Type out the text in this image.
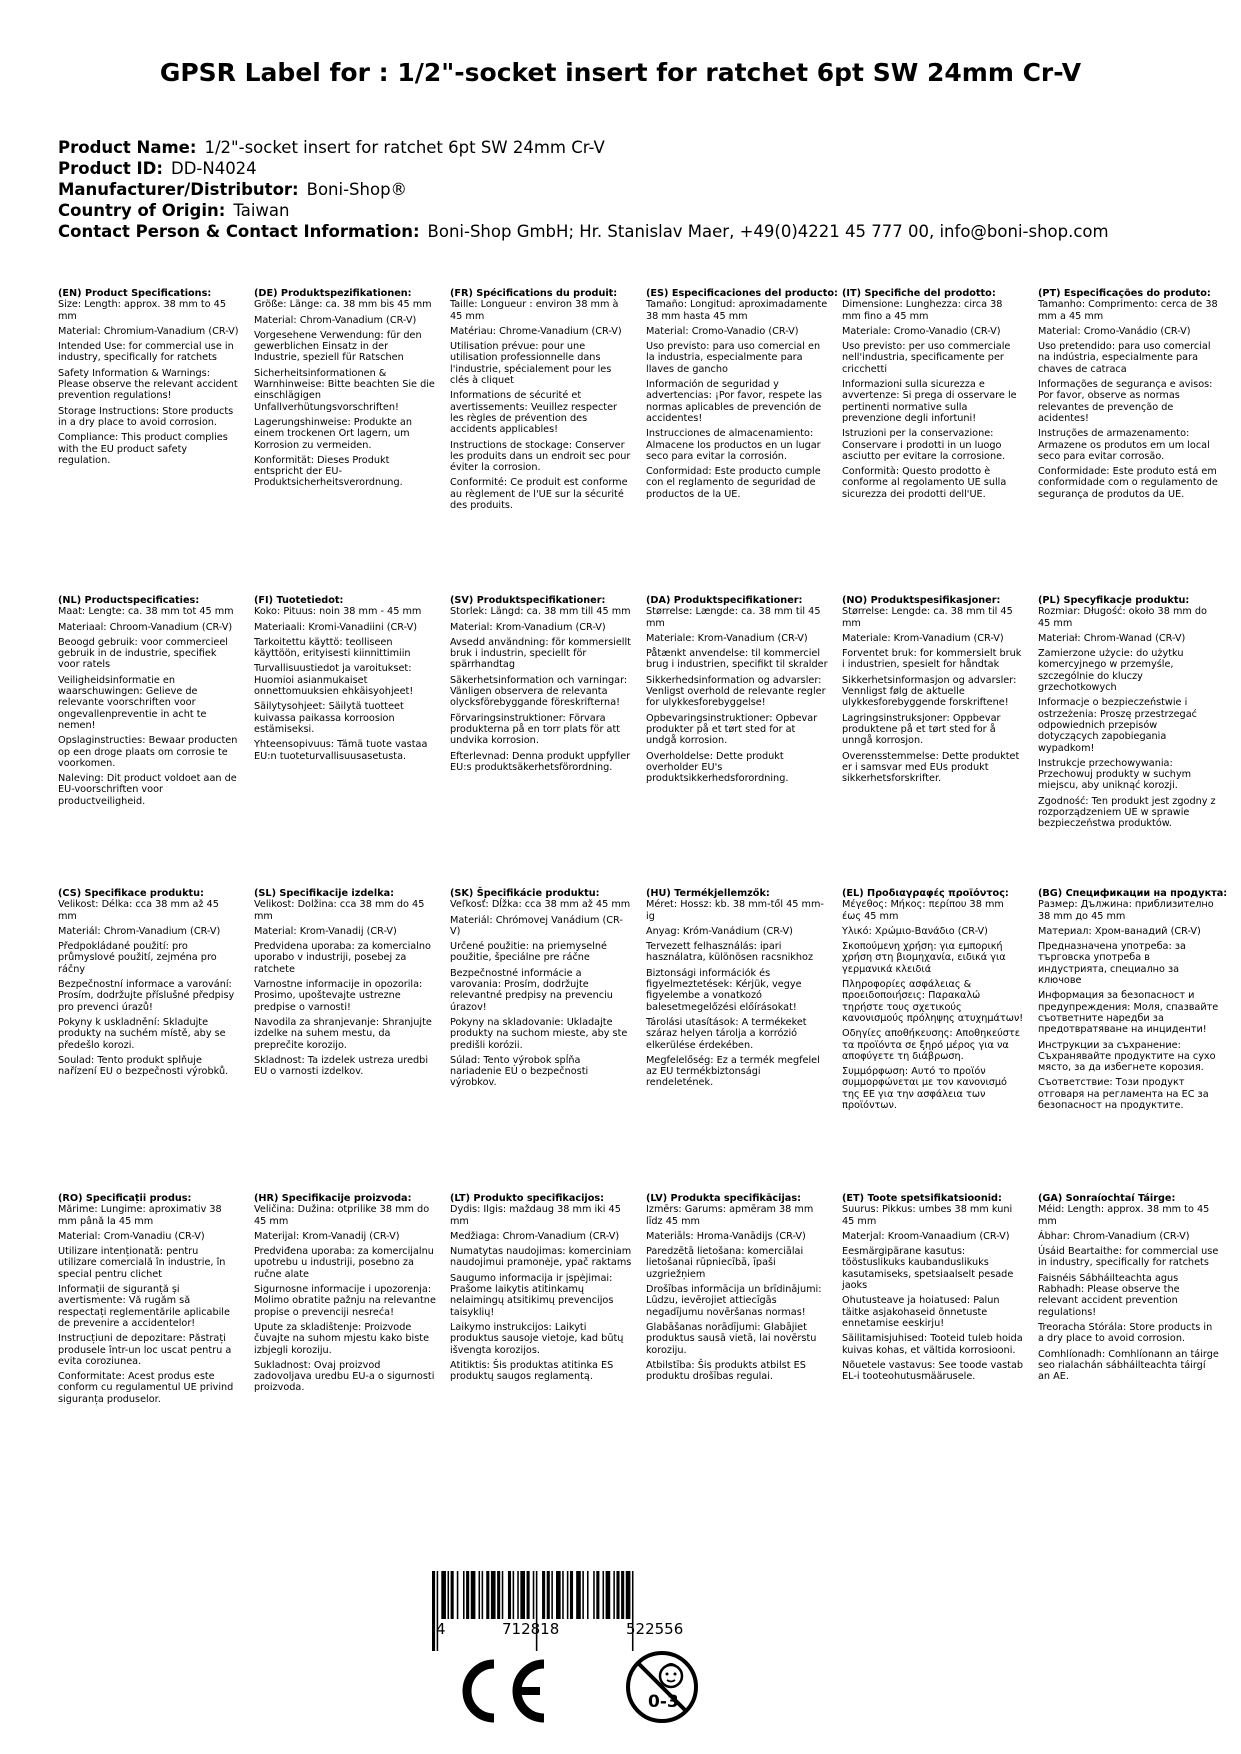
GPSR Label for : 1/2"-socket insert for ratchet 6pt SW 24mm Cr-V
Product Name: 1/2"-socket insert for ratchet 6pt SW 24mm Cr-V
Product ID: DD-N4024
Manufacturer/Distributor: Boni-Shop®
Country of Origin: Taiwan
Contact Person & Contact Information: Boni-Shop GmbH; Hr. Stanislav Maer, +49(0)4221 45 777 00, info@boni-shop.com
(EN) Product Specifications:
Size: Length: approx. 38 mm to 45 mm
Material: Chromium-Vanadium (CR-V)
Intended Use: for commercial use in industry, specifically for ratchets
Safety Information & Warnings: Please observe the relevant accident prevention regulations!
Storage Instructions: Store products in a dry place to avoid corrosion.
Compliance: This product complies with the EU product safety regulation.
(DE) Produktspezifikationen:
Größe: Länge: ca. 38 mm bis 45 mm
Material: Chrom-Vanadium (CR-V)
Vorgesehene Verwendung: für den gewerblichen Einsatz in der Industrie, speziell für Ratschen
Sicherheitsinformationen & Warnhinweise: Bitte beachten Sie die einschlägigen Unfallverhütungsvorschriften!
Lagerungshinweise: Produkte an einem trockenen Ort lagern, um Korrosion zu vermeiden.
Konformität: Dieses Produkt entspricht der EU-Produktsicherheitsverordnung.
(FR) Spécifications du produit:
Taille: Longueur : environ 38 mm à 45 mm
Matériau: Chrome-Vanadium (CR-V)
Utilisation prévue: pour une utilisation professionnelle dans l'industrie, spécialement pour les clés à cliquet
Informations de sécurité et avertissements: Veuillez respecter les règles de prévention des accidents applicables!
Instructions de stockage: Conserver les produits dans un endroit sec pour éviter la corrosion.
Conformité: Ce produit est conforme au règlement de l'UE sur la sécurité des produits.
(ES) Especificaciones del producto:
Tamaño: Longitud: aproximadamente 38 mm hasta 45 mm
Material: Cromo-Vanadio (CR-V)
Uso previsto: para uso comercial en la industria, especialmente para llaves de gancho
Información de seguridad y advertencias: ¡Por favor, respete las normas aplicables de prevención de accidentes!
Instrucciones de almacenamiento: Almacene los productos en un lugar seco para evitar la corrosión.
Conformidad: Este producto cumple con el reglamento de seguridad de productos de la UE.
(IT) Specifiche del prodotto:
Dimensione: Lunghezza: circa 38 mm fino a 45 mm
Materiale: Cromo-Vanadio (CR-V)
Uso previsto: per uso commerciale nell'industria, specificamente per cricchetti
Informazioni sulla sicurezza e avvertenze: Si prega di osservare le pertinenti normative sulla prevenzione degli infortuni!
Istruzioni per la conservazione: Conservare i prodotti in un luogo asciutto per evitare la corrosione.
Conformità: Questo prodotto è conforme al regolamento UE sulla sicurezza dei prodotti dell'UE.
(PT) Especificações do produto:
Tamanho: Comprimento: cerca de 38 mm a 45 mm
Material: Cromo-Vanádio (CR-V)
Uso pretendido: para uso comercial na indústria, especialmente para chaves de catraca
Informações de segurança e avisos: Por favor, observe as normas relevantes de prevenção de acidentes!
Instruções de armazenamento: Armazene os produtos em um local seco para evitar corrosão.
Conformidade: Este produto está em conformidade com o regulamento de segurança de produtos da UE.
(NL) Productspecificaties:
Maat: Lengte: ca. 38 mm tot 45 mm
Materiaal: Chroom-Vanadium (CR-V)
Beoogd gebruik: voor commercieel gebruik in de industrie, specifiek voor ratels
Veiligheidsinformatie en waarschuwingen: Gelieve de relevante voorschriften voor ongevallenpreventie in acht te nemen!
Opslaginstructies: Bewaar producten op een droge plaats om corrosie te voorkomen.
Naleving: Dit product voldoet aan de EU-voorschriften voor productveiligheid.
(FI) Tuotetiedot:
Koko: Pituus: noin 38 mm - 45 mm
Materiaali: Kromi-Vanadiini (CR-V)
Tarkoitettu käyttö: teolliseen käyttöön, erityisesti kiinnittimiin
Turvallisuustiedot ja varoitukset: Huomioi asianmukaiset onnettomuuksien ehkäisyohjeet!
Säilytysohjeet: Säilytä tuotteet kuivassa paikassa korroosion estämiseksi.
Yhteensopivuus: Tämä tuote vastaa EU:n tuoteturvallisuusasetusta.
(SV) Produktspecifikationer:
Storlek: Längd: ca. 38 mm till 45 mm
Material: Krom-Vanadium (CR-V)
Avsedd användning: för kommersiellt bruk i industrin, speciellt för spärrhandtag
Säkerhetsinformation och varningar: Vänligen observera de relevanta olycksförebyggande föreskrifterna!
Förvaringsinstruktioner: Förvara produkterna på en torr plats för att undvika korrosion.
Efterlevnad: Denna produkt uppfyller EU:s produktsäkerhetsförordning.
(DA) Produktspecifikationer:
Størrelse: Længde: ca. 38 mm til 45 mm
Materiale: Krom-Vanadium (CR-V)
Påtænkt anvendelse: til kommerciel brug i industrien, specifikt til skralder
Sikkerhedsinformation og advarsler: Venligst overhold de relevante regler for ulykkesforebyggelse!
Opbevaringsinstruktioner: Opbevar produkter på et tørt sted for at undgå korrosion.
Overholdelse: Dette produkt overholder EU's produktsikkerhedsforordning.
(NO) Produktspesifikasjoner:
Størrelse: Lengde: ca. 38 mm til 45 mm
Materiale: Krom-Vanadium (CR-V)
Forventet bruk: for kommersielt bruk i industrien, spesielt for håndtak
Sikkerhetsinformasjon og advarsler: Vennligst følg de aktuelle ulykkesforebyggende forskriftene!
Lagringsinstruksjoner: Oppbevar produktene på et tørt sted for å unngå korrosjon.
Overensstemmelse: Dette produktet er i samsvar med EUs produkt sikkerhetsforskrifter.
(PL) Specyfikacje produktu:
Rozmiar: Długość: około 38 mm do 45 mm
Materiał: Chrom-Wanad (CR-V)
Zamierzone użycie: do użytku komercyjnego w przemyśle, szczególnie do kluczy grzechotkowych
Informacje o bezpieczeństwie i ostrzeżenia: Proszę przestrzegać odpowiednich przepisów dotyczących zapobiegania wypadkom!
Instrukcje przechowywania: Przechowuj produkty w suchym miejscu, aby uniknąć korozji.
Zgodność: Ten produkt jest zgodny z rozporządzeniem UE w sprawie bezpieczeństwa produktów.
(CS) Specifikace produktu:
Velikost: Délka: cca 38 mm až 45 mm
Materiál: Chrom-Vanadium (CR-V)
Předpokládané použití: pro průmyslové použití, zejména pro ráčny
Bezpečnostní informace a varování: Prosím, dodržujte příslušné předpisy pro prevenci úrazů!
Pokyny k uskladnění: Skladujte produkty na suchém místě, aby se předešlo korozi.
Soulad: Tento produkt splňuje nařízení EU o bezpečnosti výrobků.
(SL) Specifikacije izdelka:
Velikost: Dolžina: cca 38 mm do 45 mm
Material: Krom-Vanadij (CR-V)
Predvidena uporaba: za komercialno uporabo v industriji, posebej za ratchete
Varnostne informacije in opozorila: Prosimo, upoštevajte ustrezne predpise o varnosti!
Navodila za shranjevanje: Shranjujte izdelke na suhem mestu, da preprečite korozijo.
Skladnost: Ta izdelek ustreza uredbi EU o varnosti izdelkov.
(SK) Špecifikácie produktu:
Veľkosť: Dĺžka: cca 38 mm až 45 mm
Materiál: Chrómovej Vanádium (CR-V)
Určené použitie: na priemyselné použitie, špeciálne pre ráčne
Bezpečnostné informácie a varovania: Prosím, dodržujte relevantné predpisy na prevenciu úrazov!
Pokyny na skladovanie: Ukladajte produkty na suchom mieste, aby ste predišli korózii.
Súlad: Tento výrobok spĺňa nariadenie EÚ o bezpečnosti výrobkov.
(HU) Termékjellemzők:
Méret: Hossz: kb. 38 mm-től 45 mm-ig
Anyag: Króm-Vanádium (CR-V)
Tervezett felhasználás: ipari használatra, különösen racsnikhoz
Biztonsági információk és figyelmeztetések: Kérjük, vegye figyelembe a vonatkozó balesetmegelőzési előírásokat!
Tárolási utasítások: A termékeket száraz helyen tárolja a korrózió elkerülése érdekében.
Megfelelőség: Ez a termék megfelel az EU termékbiztonsági rendeletének.
(EL) Προδιαγραφές προϊόντος:
Μέγεθος: Μήκος: περίπου 38 mm έως 45 mm
Υλικό: Χρώμιο-Βανάδιο (CR-V)
Σκοπούμενη χρήση: για εμπορική χρήση στη βιομηχανία, ειδικά για γερμανικά κλειδιά
Πληροφορίες ασφάλειας & προειδοποιήσεις: Παρακαλώ τηρήστε τους σχετικούς κανονισμούς πρόληψης ατυχημάτων!
Οδηγίες αποθήκευσης: Αποθηκεύστε τα προϊόντα σε ξηρό μέρος για να αποφύγετε τη διάβρωση.
Συμμόρφωση: Αυτό το προϊόν συμμορφώνεται με τον κανονισμό της ΕΕ για την ασφάλεια των προϊόντων.
(BG) Спецификации на продукта:
Размер: Дължина: приблизително 38 mm до 45 mm
Материал: Хром-ванадий (CR-V)
Предназначена употреба: за търговска употреба в индустрията, специално за ключове
Информация за безопасност и предупреждения: Моля, спазвайте съответните наредби за предотвратяване на инциденти!
Инструкции за съхранение: Съхранявайте продуктите на сухо място, за да избегнете корозия.
Съответствие: Този продукт отговаря на регламента на ЕС за безопасност на продуктите.
(RO) Specificații produs:
Mărime: Lungime: aproximativ 38 mm până la 45 mm
Material: Crom-Vanadiu (CR-V)
Utilizare intenționată: pentru utilizare comercială în industrie, în special pentru clichet
Informații de siguranță și avertismente: Vă rugăm să respectați reglementările aplicabile de prevenire a accidentelor!
Instrucțiuni de depozitare: Păstrați produsele într-un loc uscat pentru a evita coroziunea.
Conformitate: Acest produs este conform cu regulamentul UE privind siguranța produselor.
(HR) Specifikacije proizvoda:
Veličina: Dužina: otprilike 38 mm do 45 mm
Materijal: Krom-Vanadij (CR-V)
Predviđena uporaba: za komercijalnu upotrebu u industriji, posebno za ručne alate
Sigurnosne informacije i upozorenja: Molimo obratite pažnju na relevantne propise o prevenciji nesreća!
Upute za skladištenje: Proizvode čuvajte na suhom mjestu kako biste izbjegli koroziju.
Sukladnost: Ovaj proizvod zadovoljava uredbu EU-a o sigurnosti proizvoda.
(LT) Produkto specifikacijos:
Dydis: Ilgis: maždaug 38 mm iki 45 mm
Medžiaga: Chrom-Vanadium (CR-V)
Numatytas naudojimas: komerciniam naudojimui pramonėje, ypač raktams
Saugumo informacija ir įspėjimai: Prašome laikytis atitinkamų nelaimingų atsitikimų prevencijos taisyklių!
Laikymo instrukcijos: Laikyti produktus sausoje vietoje, kad būtų išvengta korozijos.
Atitiktis: Šis produktas atitinka ES produktų saugos reglamentą.
(LV) Produkta specifikācijas:
Izmērs: Garums: apmēram 38 mm līdz 45 mm
Materiāls: Hroma-Vanādijs (CR-V)
Paredzētā lietošana: komerciālai lietošanai rūpniecībā, īpaši uzgriežņiem
Drošības informācija un brīdinājumi: Lūdzu, ievērojiet attiecīgās negadījumu novēršanas normas!
Glabāšanas norādījumi: Glabājiet produktus sausā vietā, lai novērstu koroziju.
Atbilstība: Šis produkts atbilst ES produktu drošības regulai.
(ET) Toote spetsifikatsioonid:
Suurus: Pikkus: umbes 38 mm kuni 45 mm
Materjal: Kroom-Vanaadium (CR-V)
Eesmärgipärane kasutus: tööstuslikuks kaubanduslikuks kasutamiseks, spetsiaalselt pesade jaoks
Ohutusteave ja hoiatused: Palun täitke asjakohaseid õnnetuste ennetamise eeskirju!
Säilitamisjuhised: Tooteid tuleb hoida kuivas kohas, et vältida korrosiooni.
Nõuetele vastavus: See toode vastab EL-i tooteohutusmäärusele.
(GA) Sonraíochtaí Táirge:
Méid: Length: approx. 38 mm to 45 mm
Ábhar: Chrom-Vanadium (CR-V)
Úsáid Beartaithe: for commercial use in industry, specifically for ratchets
Faisnéis Sábháilteachta agus Rabhadh: Please observe the relevant accident prevention regulations!
Treoracha Stórála: Store products in a dry place to avoid corrosion.
Comhlíonadh: Comhlíonann an táirge seo rialachán sábháilteachta táirgí an AE.
4	712818	522556
0-3
